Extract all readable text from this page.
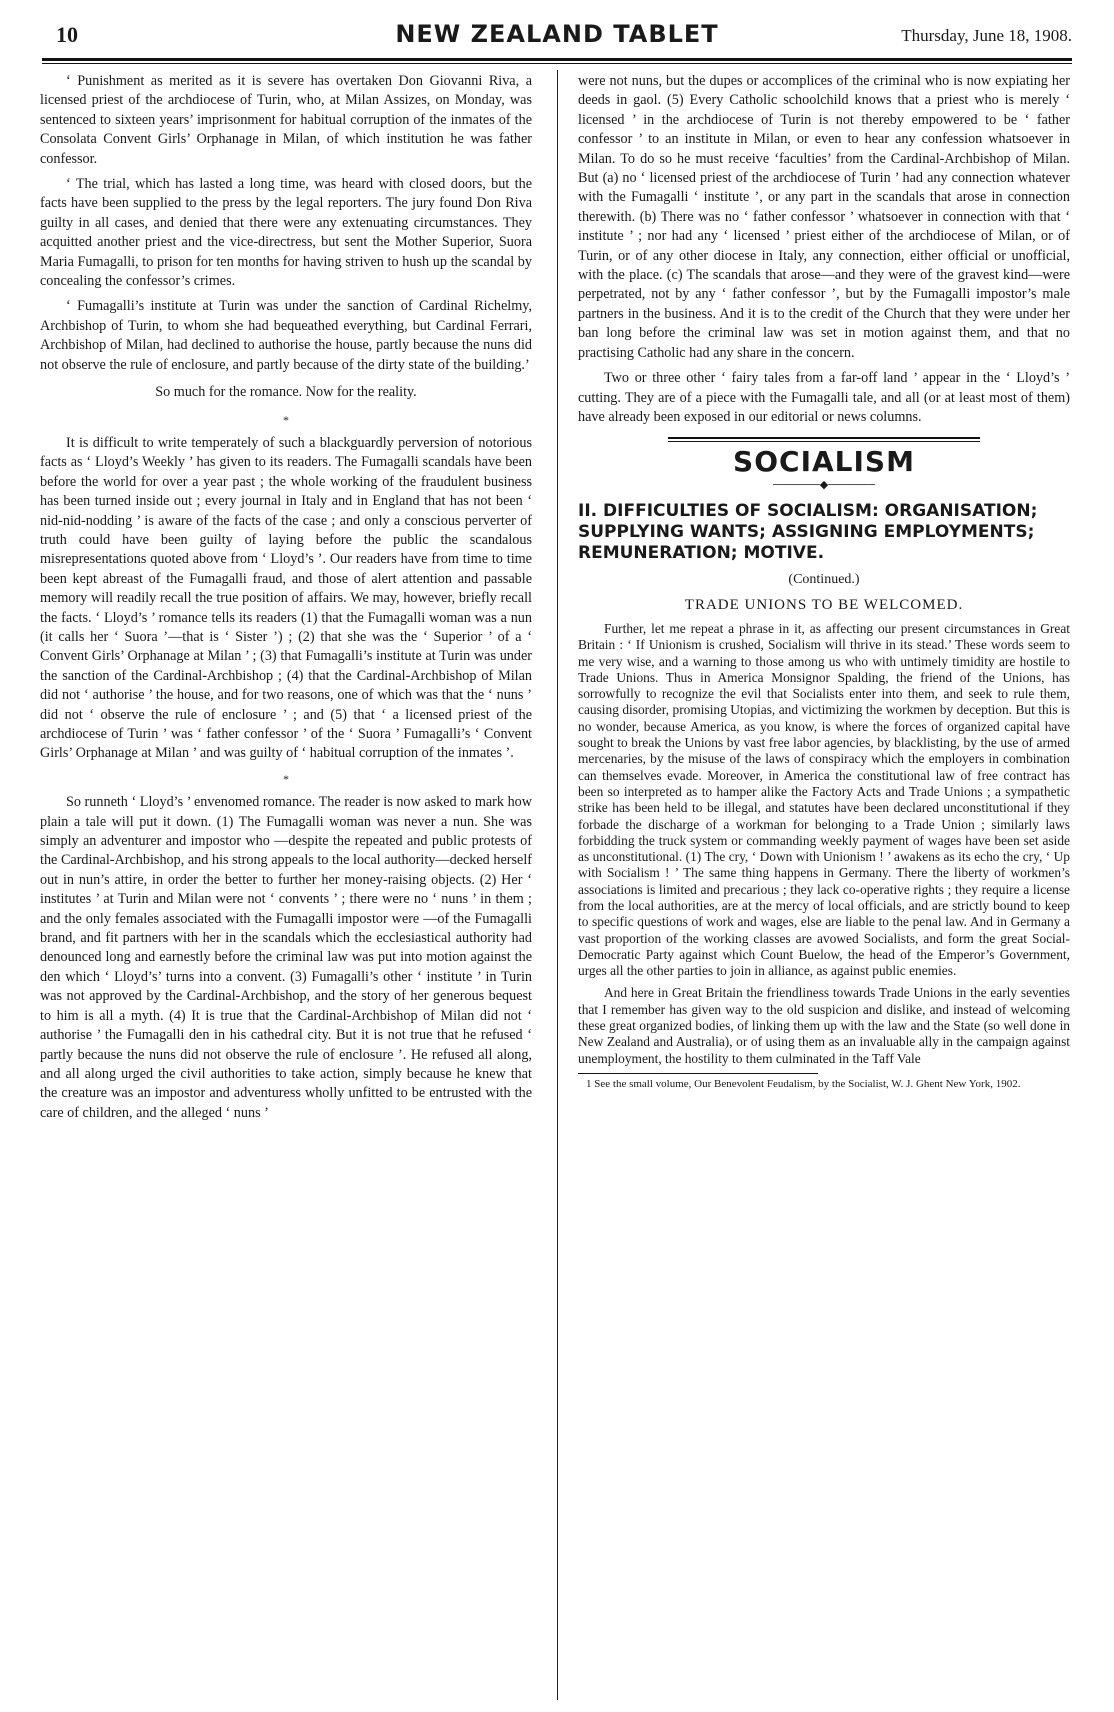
10	NEW ZEALAND TABLET	Thursday, June 18, 1908.

‘ Punishment as merited as it is severe has overtaken Don Giovanni Riva, a licensed priest of the archdiocese of Turin, who, at Milan Assizes, on Monday, was sentenced to sixteen years’ imprisonment for habitual corruption of the inmates of the Consolata Convent Girls’ Orphanage in Milan, of which institution he was father confessor.

‘ The trial, which has lasted a long time, was heard with closed doors, but the facts have been supplied to the press by the legal reporters. The jury found Don Riva guilty in all cases, and denied that there were any extenuating circumstances. They acquitted another priest and the vice-directress, but sent the Mother Superior, Suora Maria Fumagalli, to prison for ten months for having striven to hush up the scandal by concealing the confessor’s crimes.

‘ Fumagalli’s institute at Turin was under the sanction of Cardinal Richelmy, Archbishop of Turin, to whom she had bequeathed everything, but Cardinal Ferrari, Archbishop of Milan, had declined to authorise the house, partly because the nuns did not observe the rule of enclosure, and partly because of the dirty state of the building.’

So much for the romance. Now for the reality.

*

It is difficult to write temperately of such a blackguardly perversion of notorious facts as ‘ Lloyd’s Weekly ’ has given to its readers. The Fumagalli scandals have been before the world for over a year past ; the whole working of the fraudulent business has been turned inside out ; every journal in Italy and in England that has not been ‘ nid-nid-nodding ’ is aware of the facts of the case ; and only a conscious perverter of truth could have been guilty of laying before the public the scandalous misrepresentations quoted above from ‘ Lloyd’s ’. Our readers have from time to time been kept abreast of the Fumagalli fraud, and those of alert attention and passable memory will readily recall the true position of affairs. We may, however, briefly recall the facts. ‘ Lloyd’s ’ romance tells its readers (1) that the Fumagalli woman was a nun (it calls her ‘ Suora ’—that is ‘ Sister ’) ; (2) that she was the ‘ Superior ’ of a ‘ Convent Girls’ Orphanage at Milan ’ ; (3) that Fumagalli’s institute at Turin was under the sanction of the Cardinal-Archbishop ; (4) that the Cardinal-Archbishop of Milan did not ‘ authorise ’ the house, and for two reasons, one of which was that the ‘ nuns ’ did not ‘ observe the rule of enclosure ’ ; and (5) that ‘ a licensed priest of the archdiocese of Turin ’ was ‘ father confessor ’ of the ‘ Suora ’ Fumagalli’s ‘ Convent Girls’ Orphanage at Milan ’ and was guilty of ‘ habitual corruption of the inmates ’.

*

So runneth ‘ Lloyd’s ’ envenomed romance. The reader is now asked to mark how plain a tale will put it down. (1) The Fumagalli woman was never a nun. She was simply an adventurer and impostor who —despite the repeated and public protests of the Cardinal-Archbishop, and his strong appeals to the local authority—decked herself out in nun’s attire, in order the better to further her money-raising objects. (2) Her ‘ institutes ’ at Turin and Milan were not ‘ convents ’ ; there were no ‘ nuns ’ in them ; and the only females associated with the Fumagalli impostor were —of the Fumagalli brand, and fit partners with her in the scandals which the ecclesiastical authority had denounced long and earnestly before the criminal law was put into motion against the den which ‘ Lloyd’s’ turns into a convent. (3) Fumagalli’s other ‘ institute ’ in Turin was not approved by the Cardinal-Archbishop, and the story of her generous bequest to him is all a myth. (4) It is true that the Cardinal-Archbishop of Milan did not ‘ authorise ’ the Fumagalli den in his cathedral city. But it is not true that he refused ‘ partly because the nuns did not observe the rule of enclosure ’. He refused all along, and all along urged the civil authorities to take action, simply because he knew that the creature was an impostor and adventuress wholly unfitted to be entrusted with the care of children, and the alleged ‘ nuns ’

were not nuns, but the dupes or accomplices of the criminal who is now expiating her deeds in gaol. (5) Every Catholic schoolchild knows that a priest who is merely ‘ licensed ’ in the archdiocese of Turin is not thereby empowered to be ‘ father confessor ’ to an institute in Milan, or even to hear any confession whatsoever in Milan. To do so he must receive ‘faculties’ from the Cardinal-Archbishop of Milan. But (a) no ‘ licensed priest of the archdiocese of Turin ’ had any connection whatever with the Fumagalli ‘ institute ’, or any part in the scandals that arose in connection therewith. (b) There was no ‘ father confessor ’ whatsoever in connection with that ‘ institute ’ ; nor had any ‘ licensed ’ priest either of the archdiocese of Milan, or of Turin, or of any other diocese in Italy, any connection, either official or unofficial, with the place. (c) The scandals that arose—and they were of the gravest kind—were perpetrated, not by any ‘ father confessor ’, but by the Fumagalli impostor’s male partners in the business. And it is to the credit of the Church that they were under her ban long before the criminal law was set in motion against them, and that no practising Catholic had any share in the concern.

Two or three other ‘ fairy tales from a far-off land ’ appear in the ‘ Lloyd’s ’ cutting. They are of a piece with the Fumagalli tale, and all (or at least most of them) have already been exposed in our editorial or news columns.

SOCIALISM
──────◆──────
II. DIFFICULTIES OF SOCIALISM: ORGANISATION; SUPPLYING WANTS; ASSIGNING EMPLOYMENTS; REMUNERATION; MOTIVE.
(Continued.)
TRADE UNIONS TO BE WELCOMED.

Further, let me repeat a phrase in it, as affecting our present circumstances in Great Britain : ‘ If Unionism is crushed, Socialism will thrive in its stead.’ These words seem to me very wise, and a warning to those among us who with untimely timidity are hostile to Trade Unions. Thus in America Monsignor Spalding, the friend of the Unions, has sorrowfully to recognize the evil that Socialists enter into them, and seek to rule them, causing disorder, promising Utopias, and victimizing the workmen by deception. But this is no wonder, because America, as you know, is where the forces of organized capital have sought to break the Unions by vast free labor agencies, by blacklisting, by the use of armed mercenaries, by the misuse of the laws of conspiracy which the employers in combination can themselves evade. Moreover, in America the constitutional law of free contract has been so interpreted as to hamper alike the Factory Acts and Trade Unions ; a sympathetic strike has been held to be illegal, and statutes have been declared unconstitutional if they forbade the discharge of a workman for belonging to a Trade Union ; similarly laws forbidding the truck system or commanding weekly payment of wages have been set aside as unconstitutional. (1) The cry, ‘ Down with Unionism ! ’ awakens as its echo the cry, ‘ Up with Socialism ! ’ The same thing happens in Germany. There the liberty of workmen’s associations is limited and precarious ; they lack co-operative rights ; they require a license from the local authorities, are at the mercy of local officials, and are strictly bound to keep to specific questions of work and wages, else are liable to the penal law. And in Germany a vast proportion of the working classes are avowed Socialists, and form the great Social-Democratic Party against which Count Buelow, the head of the Emperor’s Government, urges all the other parties to join in alliance, as against public enemies.

And here in Great Britain the friendliness towards Trade Unions in the early seventies that I remember has given way to the old suspicion and dislike, and instead of welcoming these great organized bodies, of linking them up with the law and the State (so well done in New Zealand and Australia), or of using them as an invaluable ally in the campaign against unemployment, the hostility to them culminated in the Taff Vale

1 See the small volume, Our Benevolent Feudalism, by the Socialist, W. J. Ghent New York, 1902.
